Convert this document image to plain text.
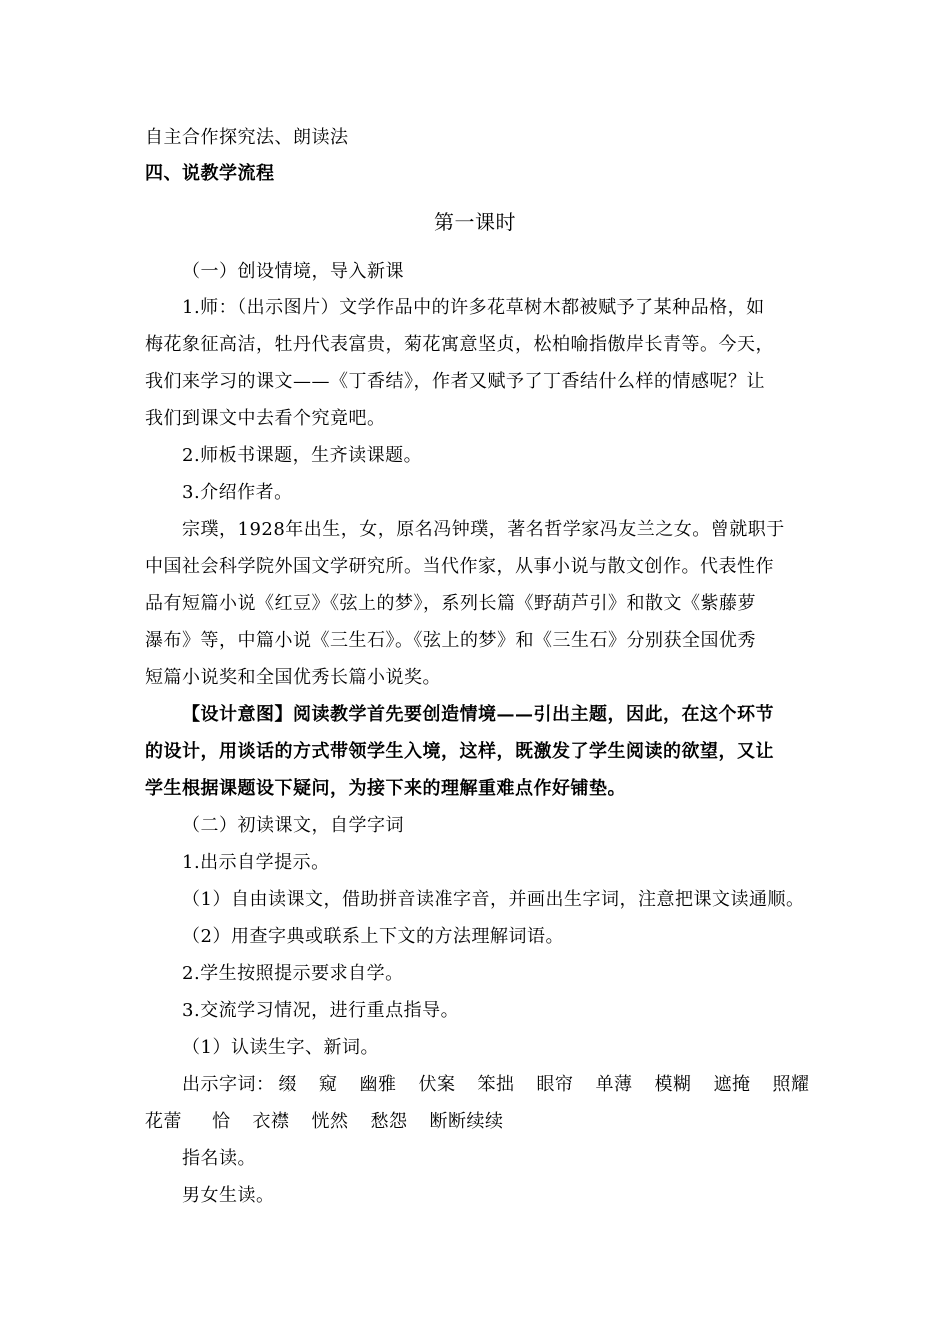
自主合作探究法、朗读法
四、说教学流程
第一课时
（一）创设情境，导入新课
1.师：（出示图片）文学作品中的许多花草树木都被赋予了某种品格，如
梅花象征高洁，牡丹代表富贵，菊花寓意坚贞，松柏喻指傲岸长青等。今天，
我们来学习的课文——《丁香结》，作者又赋予了丁香结什么样的情感呢？让
我们到课文中去看个究竟吧。
2.师板书课题，生齐读课题。
3.介绍作者。
宗璞，1928年出生，女，原名冯钟璞，著名哲学家冯友兰之女。曾就职于
中国社会科学院外国文学研究所。当代作家，从事小说与散文创作。代表性作
品有短篇小说《红豆》《弦上的梦》，系列长篇《野葫芦引》和散文《紫藤萝
瀑布》等，中篇小说《三生石》。《弦上的梦》和《三生石》分别获全国优秀
短篇小说奖和全国优秀长篇小说奖。
【设计意图】阅读教学首先要创造情境——引出主题，因此，在这个环节
的设计，用谈话的方式带领学生入境，这样，既激发了学生阅读的欲望，又让
学生根据课题设下疑问，为接下来的理解重难点作好铺垫。
（二）初读课文，自学字词
1.出示自学提示。
（1）自由读课文，借助拼音读准字音，并画出生字词，注意把课文读通顺。
（2）用查字典或联系上下文的方法理解词语。
2.学生按照提示要求自学。
3.交流学习情况，进行重点指导。
（1）认读生字、新词。
出示字词： 缀 窥 幽雅 伏案 笨拙 眼帘 单薄 模糊 遮掩 照耀
花蕾 恰 衣襟 恍然 愁怨 断断续续
指名读。
男女生读。
